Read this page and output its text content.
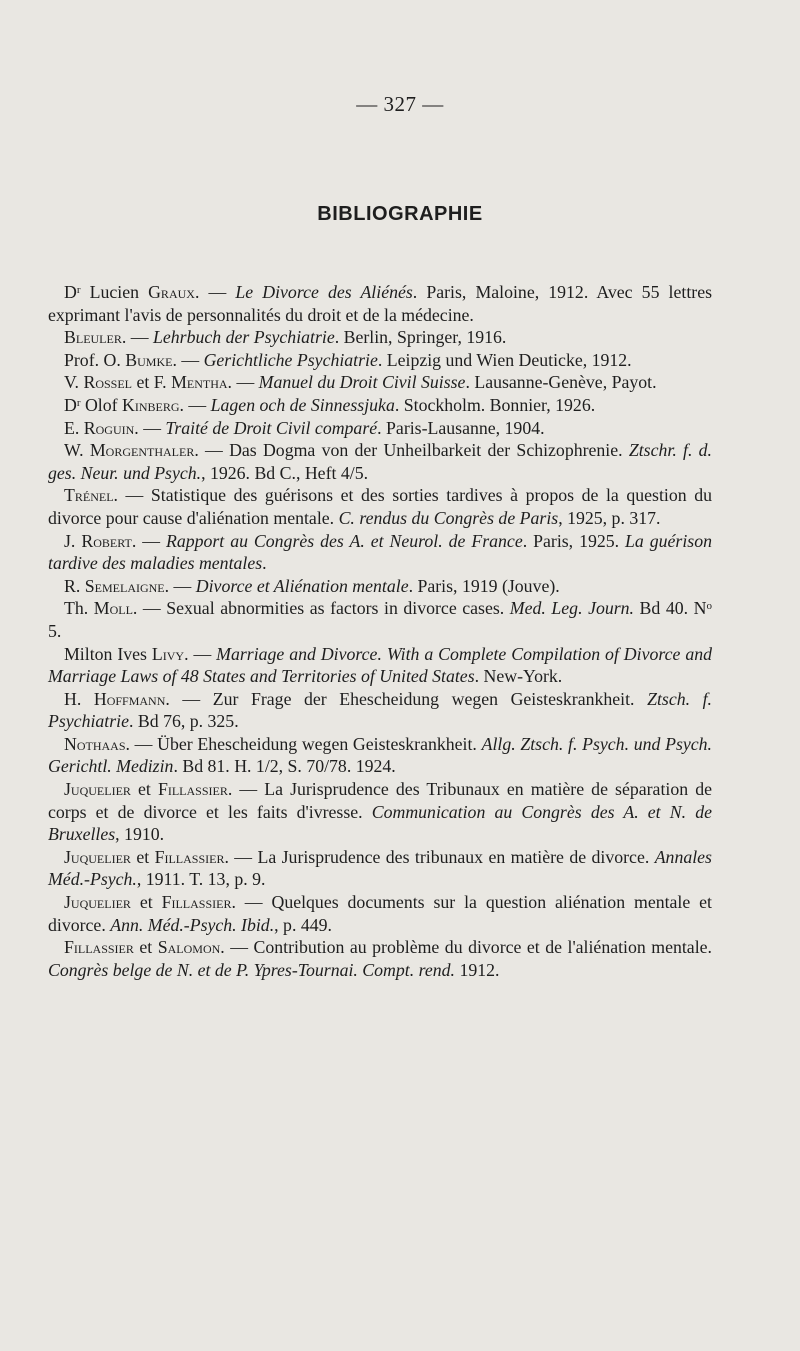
— 327 —
BIBLIOGRAPHIE

$D^r$ Lucien Graux. — Le Divorce des Aliénés. Paris, Maloine, 1912. Avec 55 lettres exprimant l'avis de personnalités du droit et de la médecine.

Bleuler. — Lehrbuch der Psychiatrie. Berlin, Springer, 1916.

Prof. O. Bumke. — Gerichtliche Psychiatrie. Leipzig und Wien Deuticke, 1912.

V. Rossel et F. Mentha. — Manuel du Droit Civil Suisse. Lausanne-Genève, Payot.

$D^r$ Olof Kinberg. — Lagen och de Sinnessjuka. Stockholm. Bonnier, 1926.

E. Roguin. — Traité de Droit Civil comparé. Paris-Lausanne, 1904.

W. Morgenthaler. — Das Dogma von der Unheilbarkeit der Schizophrenie. Ztschr. f. d. ges. Neur. und Psych., 1926. Bd C., Heft 4/5.

Trénel. — Statistique des guérisons et des sorties tardives à propos de la question du divorce pour cause d'aliénation mentale. C. rendus du Congrès de Paris, 1925, p. 317.

J. Robert. — Rapport au Congrès des A. et Neurol. de France. Paris, 1925. La guérison tardive des maladies mentales.

R. Semelaigne. — Divorce et Aliénation mentale. Paris, 1919 (Jouve).

Th. Moll. — Sexual abnormities as factors in divorce cases. Med. Leg. Journ. Bd 40. $N^o$ 5.

Milton Ives Livy. — Marriage and Divorce. With a Complete Compilation of Divorce and Marriage Laws of 48 States and Territories of United States. New-York.

H. Hoffmann. — Zur Frage der Ehescheidung wegen Geisteskrankheit. Ztsch. f. Psychiatrie. Bd 76, p. 325.

Nothaas. — Über Ehescheidung wegen Geisteskrankheit. Allg. Ztsch. f. Psych. und Psych. Gerichtl. Medizin. Bd 81. H. 1/2, S. 70/78. 1924.

Juquelier et Fillassier. — La Jurisprudence des Tribunaux en matière de séparation de corps et de divorce et les faits d'ivresse. Communication au Congrès des A. et N. de Bruxelles, 1910.

Juquelier et Fillassier. — La Jurisprudence des tribunaux en matière de divorce. Annales Méd.-Psych., 1911. T. 13, p. 9.

Juquelier et Fillassier. — Quelques documents sur la question aliénation mentale et divorce. Ann. Méd.-Psych. Ibid., p. 449.

Fillassier et Salomon. — Contribution au problème du divorce et de l'aliénation mentale. Congrès belge de N. et de P. Ypres-Tournai. Compt. rend. 1912.
